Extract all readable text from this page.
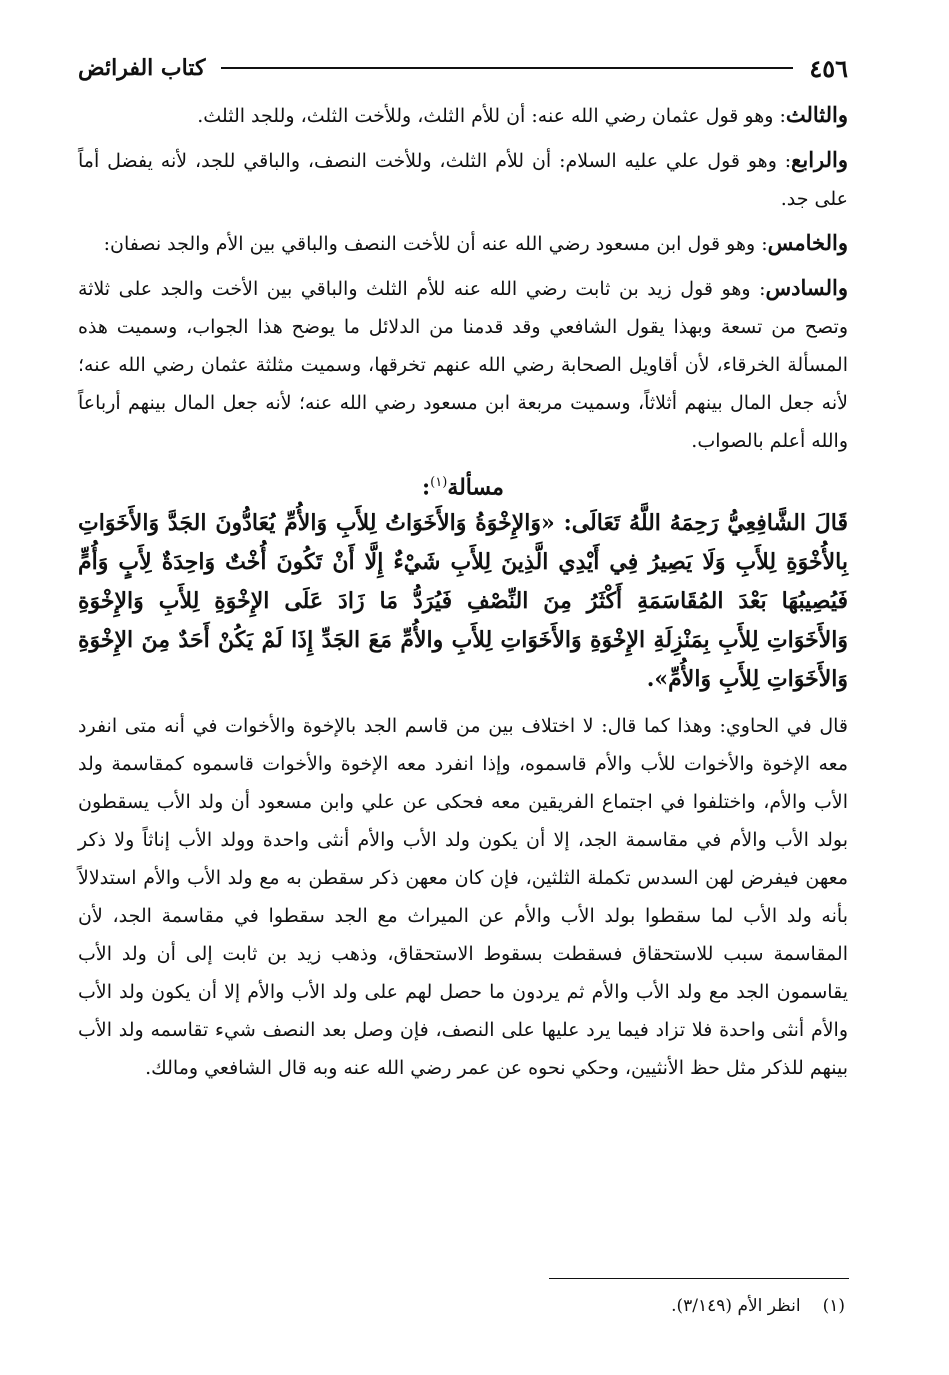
٤٥٦
كتاب الفرائض

والثالث: وهو قول عثمان رضي الله عنه: أن للأم الثلث، وللأخت الثلث، وللجد الثلث.

والرابع: وهو قول علي عليه السلام: أن للأم الثلث، وللأخت النصف، والباقي للجد، لأنه يفضل أماً على جد.

والخامس: وهو قول ابن مسعود رضي الله عنه أن للأخت النصف والباقي بين الأم والجد نصفان:

والسادس: وهو قول زيد بن ثابت رضي الله عنه للأم الثلث والباقي بين الأخت والجد على ثلاثة وتصح من تسعة وبهذا يقول الشافعي وقد قدمنا من الدلائل ما يوضح هذا الجواب، وسميت هذه المسألة الخرقاء، لأن أقاويل الصحابة رضي الله عنهم تخرقها، وسميت مثلثة عثمان رضي الله عنه؛ لأنه جعل المال بينهم أثلاثاً، وسميت مربعة ابن مسعود رضي الله عنه؛ لأنه جعل المال بينهم أرباعاً والله أعلم بالصواب.

مسألة$^{(١)}$:

قَالَ الشَّافِعِيُّ رَحِمَهُ اللَّهُ تَعَالَى: «وَالإِخْوَةُ وَالأَخَوَاتُ لِلأَبِ وَالأُمِّ يُعَادُّونَ الجَدَّ وَالأَخَوَاتِ بِالأُخْوَةِ لِلأَبِ وَلَا يَصِيرُ فِي أَيْدِي الَّذِينَ لِلأَبِ شَيْءٌ إِلَّا أَنْ تَكُونَ أُخْتٌ وَاحِدَةٌ لِأَبٍ وَأُمٍّ فَيُصِيبُهَا بَعْدَ المُقَاسَمَةِ أَكْثَرُ مِنَ النِّصْفِ فَيُرَدُّ مَا زَادَ عَلَى الإِخْوَةِ لِلأَبِ وَالإِخْوَةِ وَالأَخَوَاتِ لِلأَبِ بِمَنْزِلَةِ الإِخْوَةِ وَالأَخَوَاتِ لِلأَبِ والأُمِّ مَعَ الجَدِّ إِذَا لَمْ يَكُنْ أَحَدٌ مِنَ الإِخْوَةِ وَالأَخَوَاتِ لِلأَبِ وَالأُمِّ».

قال في الحاوي: وهذا كما قال: لا اختلاف بين من قاسم الجد بالإخوة والأخوات في أنه متى انفرد معه الإخوة والأخوات للأب والأم قاسموه، وإذا انفرد معه الإخوة والأخوات قاسموه كمقاسمة ولد الأب والأم، واختلفوا في اجتماع الفريقين معه فحكى عن علي وابن مسعود أن ولد الأب يسقطون بولد الأب والأم في مقاسمة الجد، إلا أن يكون ولد الأب والأم أنثى واحدة وولد الأب إناثاً ولا ذكر معهن فيفرض لهن السدس تكملة الثلثين، فإن كان معهن ذكر سقطن به مع ولد الأب والأم استدلالاً بأنه ولد الأب لما سقطوا بولد الأب والأم عن الميراث مع الجد سقطوا في مقاسمة الجد، لأن المقاسمة سبب للاستحقاق فسقطت بسقوط الاستحقاق، وذهب زيد بن ثابت إلى أن ولد الأب يقاسمون الجد مع ولد الأب والأم ثم يردون ما حصل لهم على ولد الأب والأم إلا أن يكون ولد الأب والأم أنثى واحدة فلا تزاد فيما يرد عليها على النصف، فإن وصل بعد النصف شيء تقاسمه ولد الأب بينهم للذكر مثل حظ الأنثيين، وحكي نحوه عن عمر رضي الله عنه وبه قال الشافعي ومالك.

(١)انظر الأم (٣/١٤٩).
